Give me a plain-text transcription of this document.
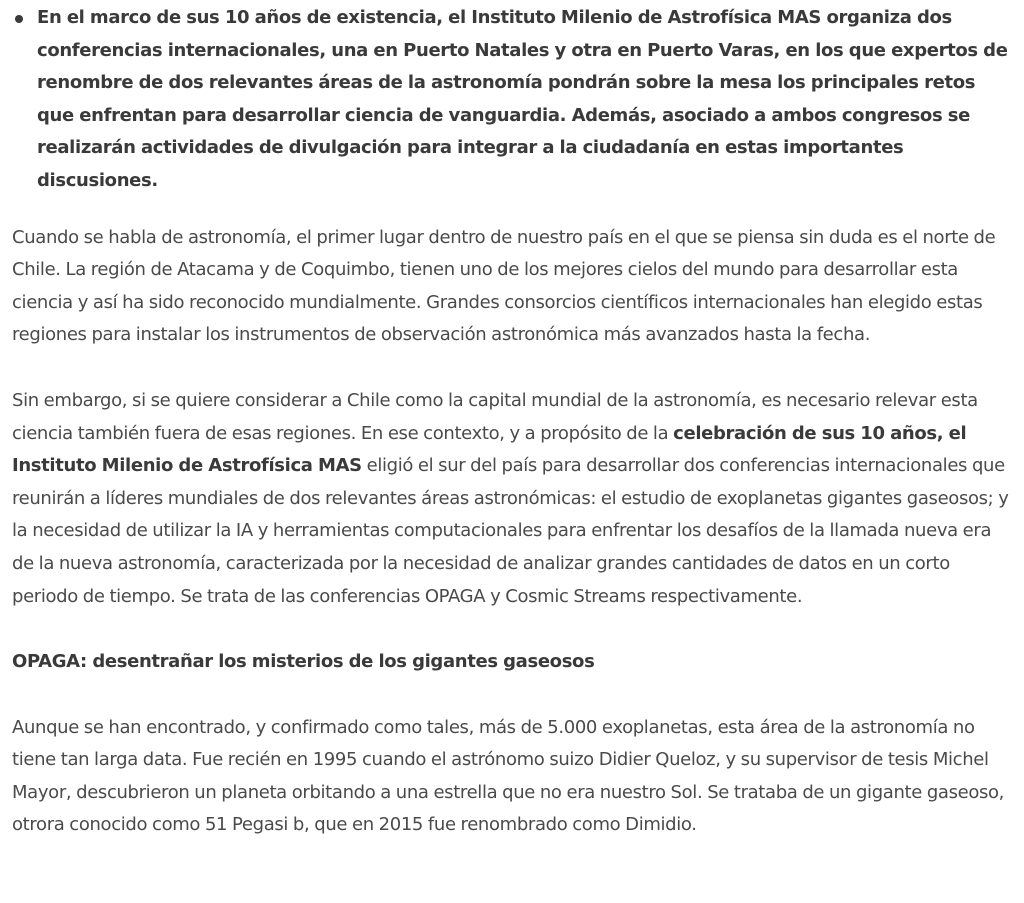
En el marco de sus 10 años de existencia, el Instituto Milenio de Astrofísica MAS organiza dos conferencias internacionales, una en Puerto Natales y otra en Puerto Varas, en los que expertos de renombre de dos relevantes áreas de la astronomía pondrán sobre la mesa los principales retos que enfrentan para desarrollar ciencia de vanguardia. Además, asociado a ambos congresos se realizarán actividades de divulgación para integrar a la ciudadanía en estas importantes discusiones.

Cuando se habla de astronomía, el primer lugar dentro de nuestro país en el que se piensa sin duda es el norte de Chile. La región de Atacama y de Coquimbo, tienen uno de los mejores cielos del mundo para desarrollar esta ciencia y así ha sido reconocido mundialmente. Grandes consorcios científicos internacionales han elegido estas regiones para instalar los instrumentos de observación astronómica más avanzados hasta la fecha.

Sin embargo, si se quiere considerar a Chile como la capital mundial de la astronomía, es necesario relevar esta ciencia también fuera de esas regiones. En ese contexto, y a propósito de la celebración de sus 10 años, el Instituto Milenio de Astrofísica MAS eligió el sur del país para desarrollar dos conferencias internacionales que reunirán a líderes mundiales de dos relevantes áreas astronómicas: el estudio de exoplanetas gigantes gaseosos; y la necesidad de utilizar la IA y herramientas computacionales para enfrentar los desafíos de la llamada nueva era de la nueva astronomía, caracterizada por la necesidad de analizar grandes cantidades de datos en un corto periodo de tiempo. Se trata de las conferencias OPAGA y Cosmic Streams respectivamente.

OPAGA: desentrañar los misterios de los gigantes gaseosos

Aunque se han encontrado, y confirmado como tales, más de 5.000 exoplanetas, esta área de la astronomía no tiene tan larga data. Fue recién en 1995 cuando el astrónomo suizo Didier Queloz, y su supervisor de tesis Michel Mayor, descubrieron un planeta orbitando a una estrella que no era nuestro Sol. Se trataba de un gigante gaseoso, otrora conocido como 51 Pegasi b, que en 2015 fue renombrado como Dimidio.
